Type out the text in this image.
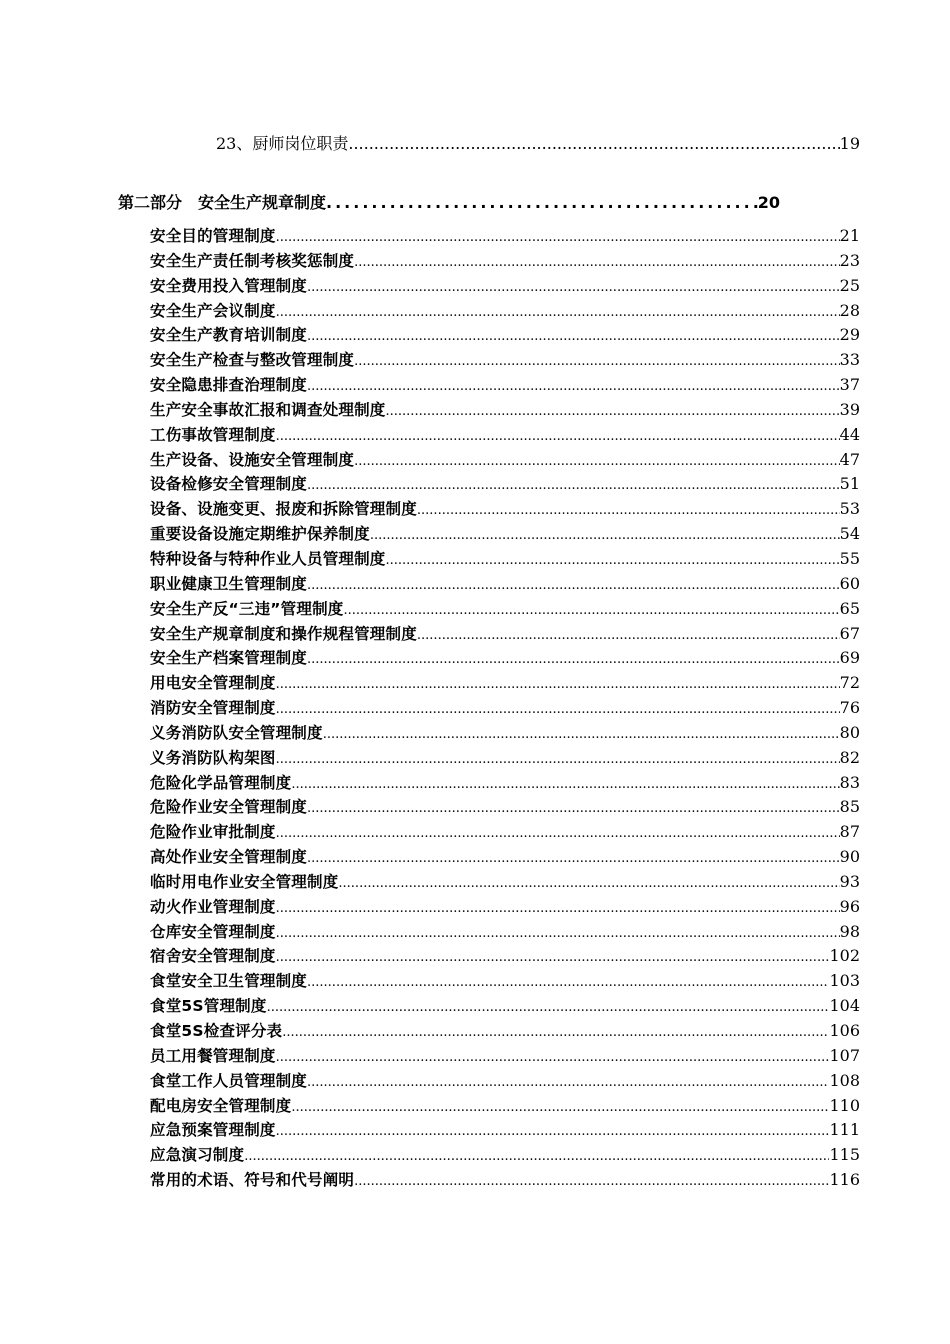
23、厨师岗位职责 .....	19
第二部分　安全生产规章制度 .....	20
安全目的管理制度 .....	21
安全生产责任制考核奖惩制度 .....	23
安全费用投入管理制度 .....	25
安全生产会议制度 .....	28
安全生产教育培训制度 .....	29
安全生产检查与整改管理制度 .....	33
安全隐患排查治理制度 .....	37
生产安全事故汇报和调查处理制度 .....	39
工伤事故管理制度 .....	44
生产设备、设施安全管理制度 .....	47
设备检修安全管理制度 .....	51
设备、设施变更、报废和拆除管理制度 .....	53
重要设备设施定期维护保养制度 .....	54
特种设备与特种作业人员管理制度 .....	55
职业健康卫生管理制度 .....	60
安全生产反“三违”管理制度 .....	65
安全生产规章制度和操作规程管理制度 .....	67
安全生产档案管理制度 .....	69
用电安全管理制度 .....	72
消防安全管理制度 .....	76
义务消防队安全管理制度 .....	80
义务消防队构架图 .....	82
危险化学品管理制度 .....	83
危险作业安全管理制度 .....	85
危险作业审批制度 .....	87
高处作业安全管理制度 .....	90
临时用电作业安全管理制度 .....	93
动火作业管理制度 .....	96
仓库安全管理制度 .....	98
宿舍安全管理制度 .....	102
食堂安全卫生管理制度 .....	103
食堂5S管理制度 .....	104
食堂5S检查评分表 .....	106
员工用餐管理制度 .....	107
食堂工作人员管理制度 .....	108
配电房安全管理制度 .....	110
应急预案管理制度 .....	111
应急演习制度 .....	115
常用的术语、符号和代号阐明 .....	116
